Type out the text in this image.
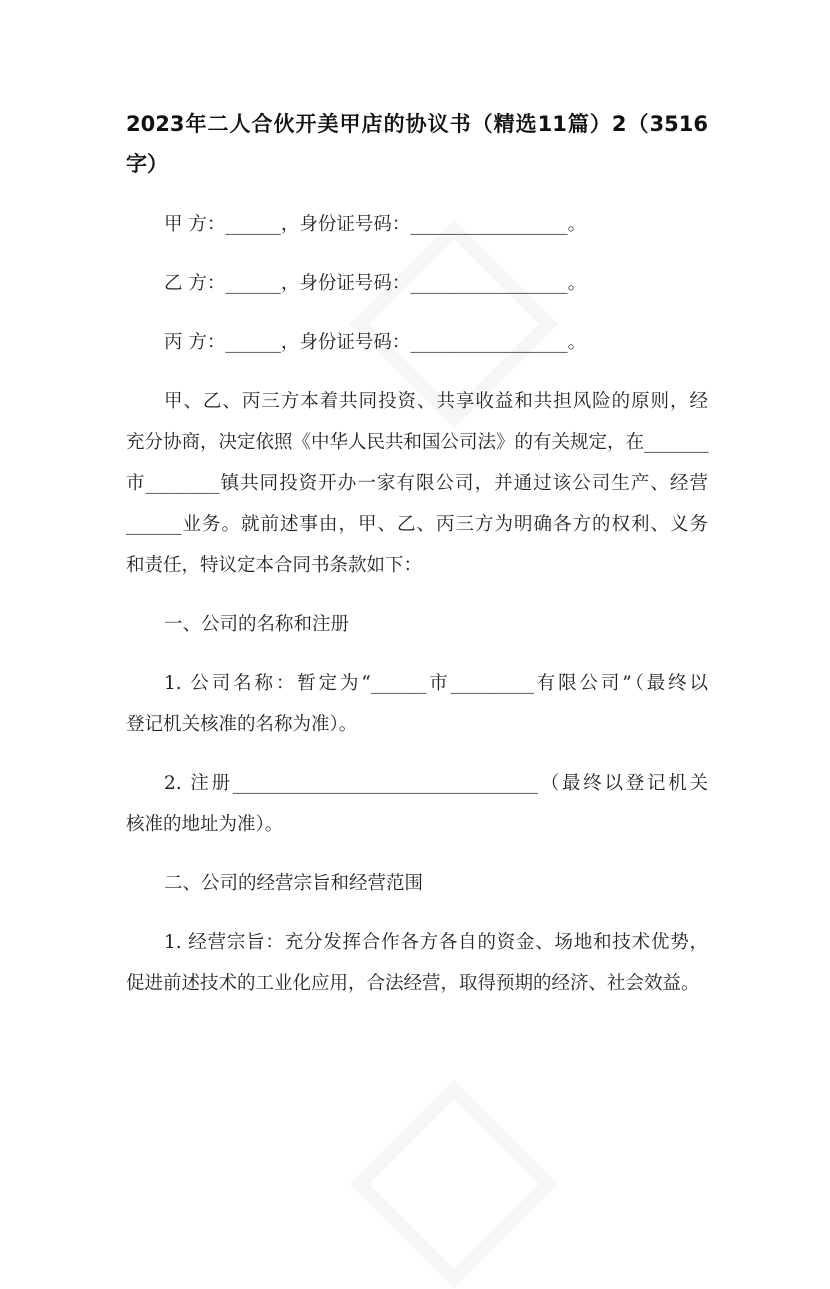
2023年二人合伙开美甲店的协议书（精选11篇）2（3516
字）
甲 方：______，身份证号码：_________________。
乙 方：______，身份证号码：_________________。
丙 方：______，身份证号码：_________________。
甲、乙、丙三方本着共同投资、共享收益和共担风险的原则，经
充分协商，决定依照《中华人民共和国公司法》的有关规定，在_______
市________镇共同投资开办一家有限公司，并通过该公司生产、经营
______业务。就前述事由，甲、乙、丙三方为明确各方的权利、义务
和责任，特议定本合同书条款如下：
一、公司的名称和注册
1. 公司名称：暂定为“______市_________有限公司”（最终以
登记机关核准的名称为准）。
2. 注册_________________________________（最终以登记机关
核准的地址为准）。
二、公司的经营宗旨和经营范围
1. 经营宗旨：充分发挥合作各方各自的资金、场地和技术优势，
促进前述技术的工业化应用，合法经营，取得预期的经济、社会效益。
